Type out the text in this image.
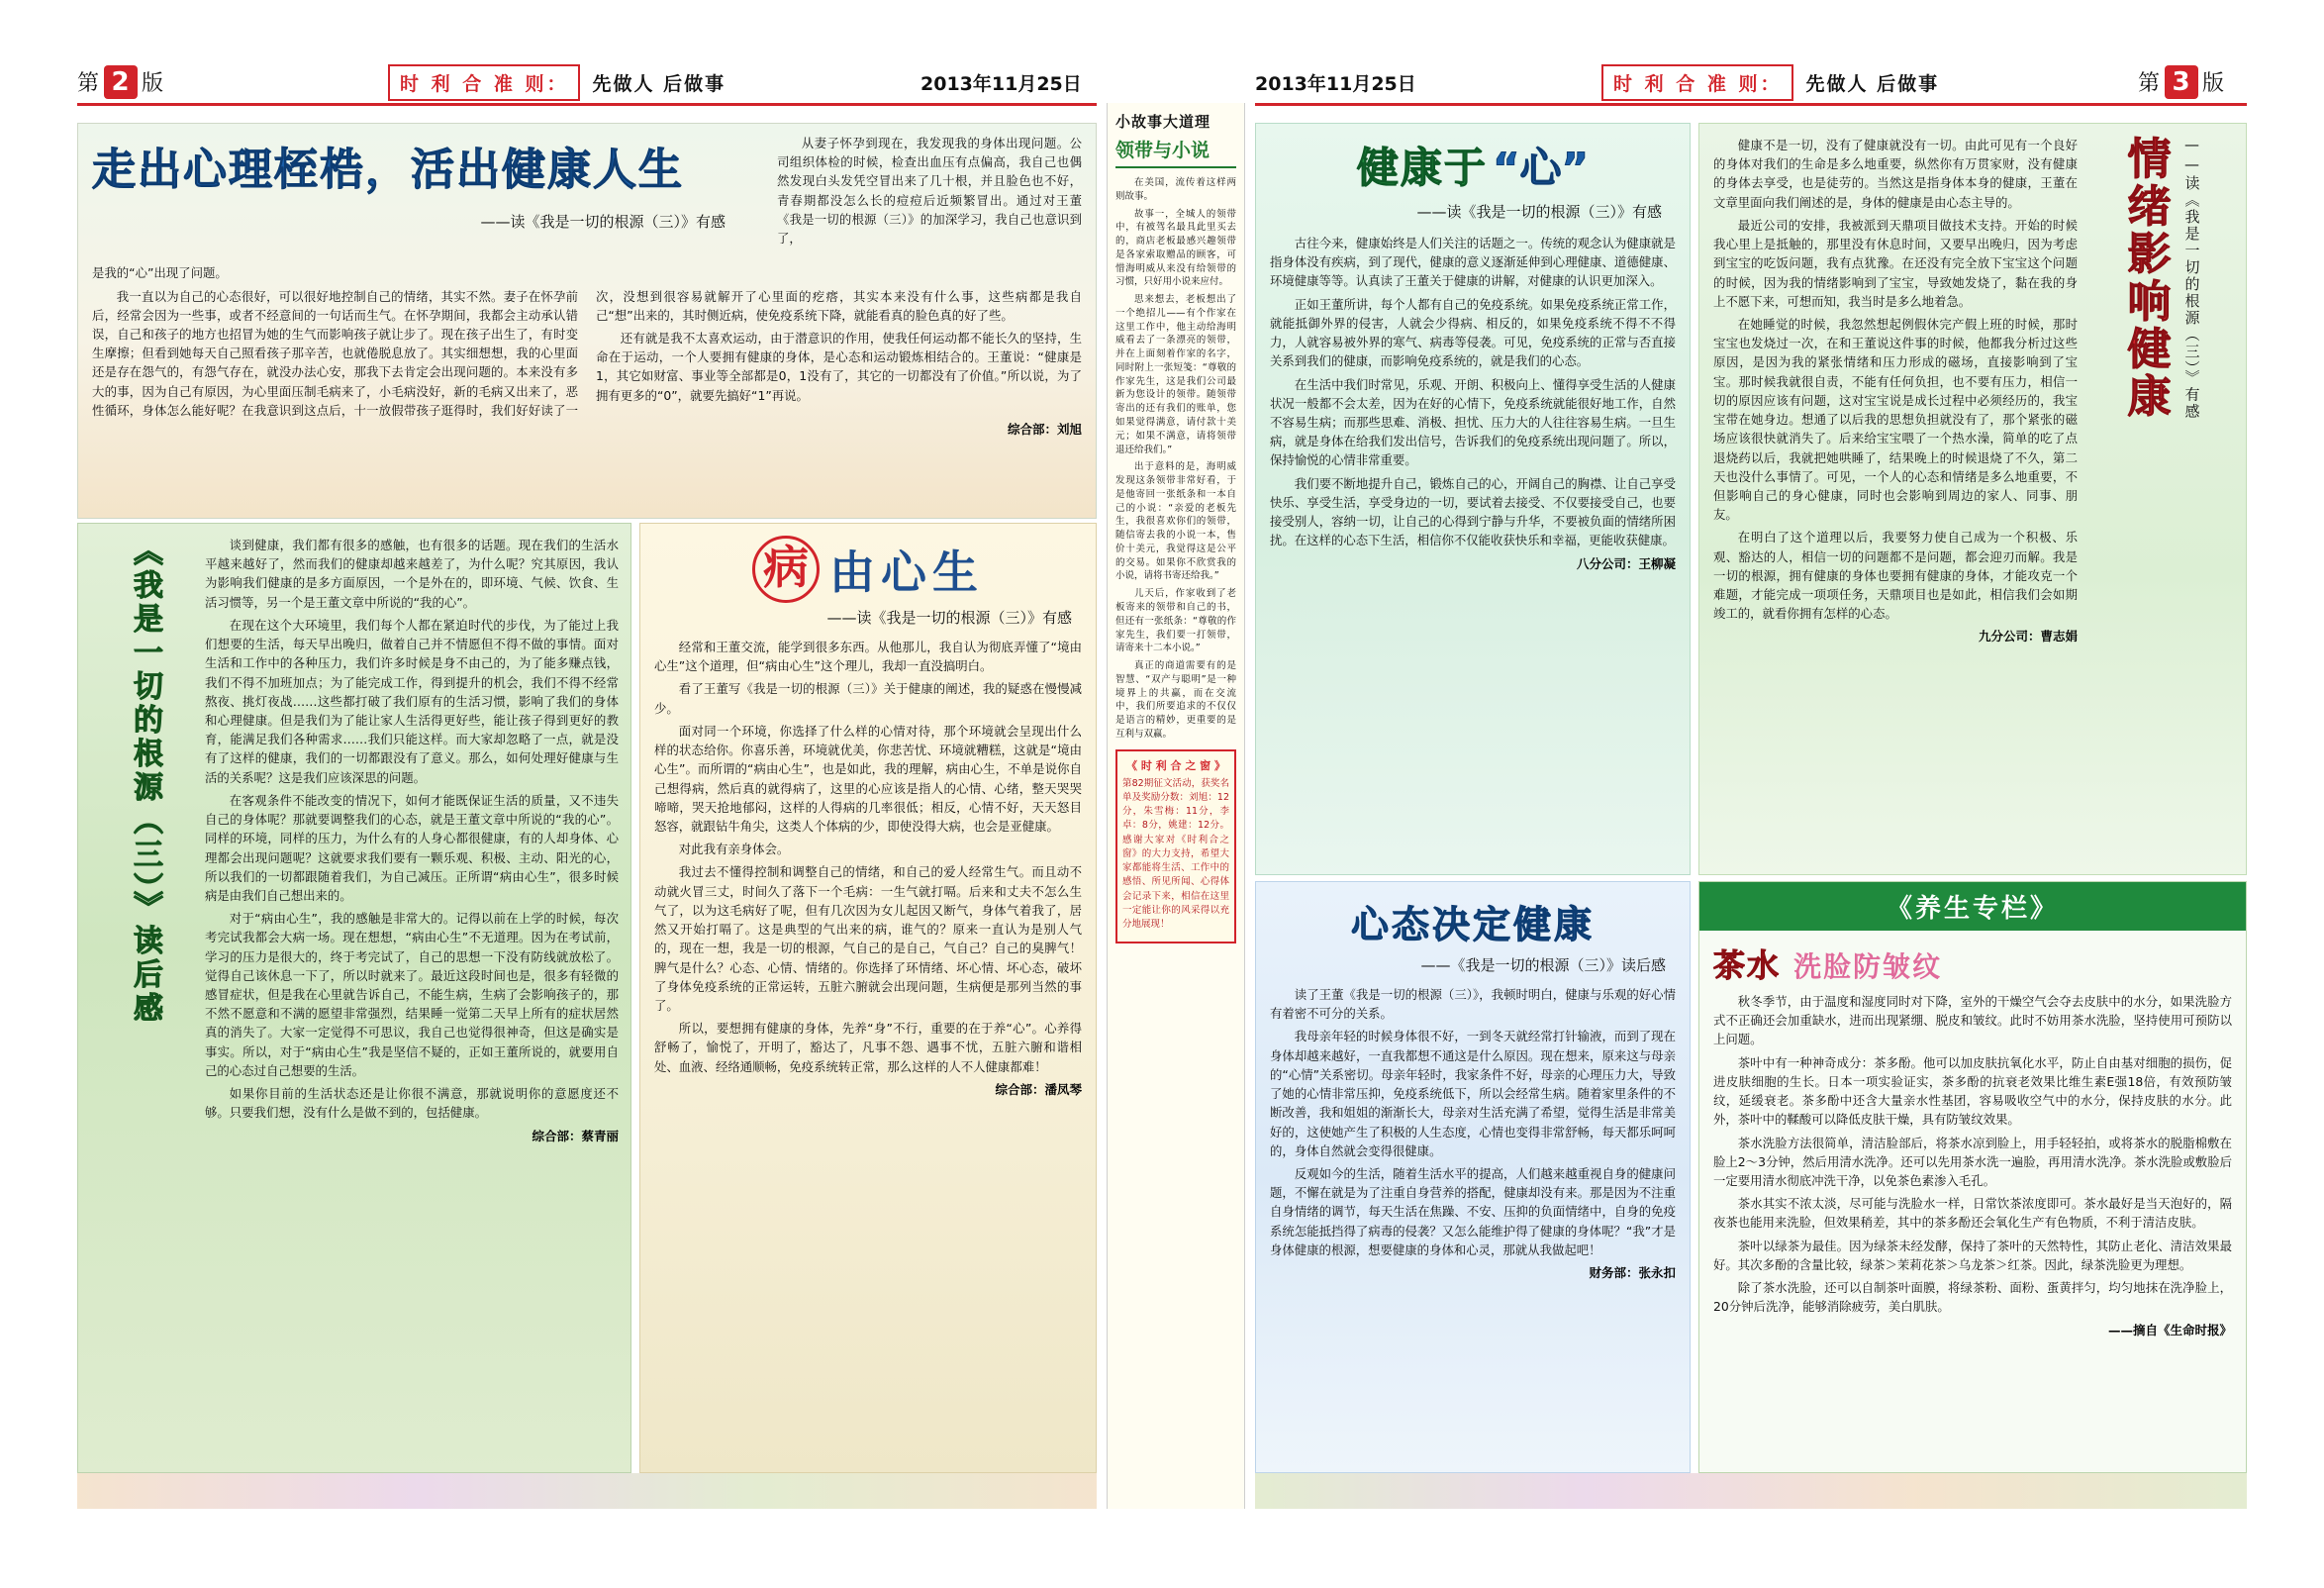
第 2 版	时 利 合 准 则：	先做人 后做事	2013年11月25日	2013年11月25日	时 利 合 准 则：	先做人 后做事	第 3 版
走出心理桎梏，活出健康人生
——读《我是一切的根源（三）》有感

从妻子怀孕到现在，我发现我的身体出现问题。公司组织体检的时候，检查出血压有点偏高，我自己也偶然发现白头发凭空冒出来了几十根，并且脸色也不好，青春期都没怎么长的痘痘后近频繁冒出。通过对王董《我是一切的根源（三）》的加深学习，我自己也意识到了，

是我的“心”出现了问题。

我一直以为自己的心态很好，可以很好地控制自己的情绪，其实不然。妻子在怀孕前后，经常会因为一些事，或者不经意间的一句话而生气。在怀孕期间，我都会主动承认错误，自己和孩子的地方也招冒为她的生气而影响孩子就让步了。现在孩子出生了，有时变生摩擦；但看到她每天自己照看孩子那辛苦，也就倦脱息放了。其实细想想，我的心里面还是存在怨气的，有怨气存在，就没办法心安，那我下去肯定会出现问题的。本来没有多大的事，因为自己有原因，为心里面压制毛病来了，小毛病没好，新的毛病又出来了，恶性循环，身体怎么能好呢？在我意识到这点后，十一放假带孩子逛得时，我们好好读了一次，没想到很容易就解开了心里面的疙瘩，其实本来没有什么事，这些病都是我自己“想”出来的，其时侧近病，使免疫系统下降，就能看真的脸色真的好了些。

还有就是我不太喜欢运动，由于潜意识的作用，使我任何运动都不能长久的坚持，生命在于运动，一个人要拥有健康的身体，是心态和运动锻炼相结合的。王董说：“健康是1，其它如财富、事业等全部都是0，1没有了，其它的一切都没有了价值。”所以说，为了拥有更多的“0”，就要先搞好“1”再说。

综合部：刘旭
《我是一切的根源（三）》读后感	谈到健康，我们都有很多的感触，也有很多的话题。现在我们的生活水平越来越好了，然而我们的健康却越来越差了，为什么呢？究其原因，我认为影响我们健康的是多方面原因，一个是外在的，即环境、气候、饮食、生活习惯等，另一个是王董文章中所说的“我的心”。

在现在这个大环境里，我们每个人都在紧迫时代的步伐，为了能过上我们想要的生活，每天早出晚归，做着自己并不情愿但不得不做的事情。面对生活和工作中的各种压力，我们许多时候是身不由己的，为了能多赚点钱，我们不得不加班加点；为了能完成工作，得到提升的机会，我们不得不经常熬夜、挑灯夜战……这些都打破了我们原有的生活习惯，影响了我们的身体和心理健康。但是我们为了能让家人生活得更好些，能让孩子得到更好的教育，能满足我们各种需求……我们只能这样。而大家却忽略了一点，就是没有了这样的健康，我们的一切都跟没有了意义。那么，如何处理好健康与生活的关系呢？这是我们应该深思的问题。

在客观条件不能改变的情况下，如何才能既保证生活的质量，又不违失自己的身体呢？那就要调整我们的心态，就是王董文章中所说的“我的心”。同样的环境，同样的压力，为什么有的人身心都很健康，有的人却身体、心理都会出现问题呢？这就要求我们要有一颗乐观、积极、主动、阳光的心，所以我们的一切都跟随着我们，为自己减压。正所谓“病由心生”，很多时候病是由我们自己想出来的。

对于“病由心生”，我的感触是非常大的。记得以前在上学的时候，每次考完试我都会大病一场。现在想想，“病由心生”不无道理。因为在考试前，学习的压力是很大的，终于考完试了，自己的思想一下没有防线就放松了。觉得自己该休息一下了，所以时就来了。最近这段时间也是，很多有轻微的感冒症状，但是我在心里就告诉自己，不能生病，生病了会影响孩子的，那不然不愿意和不满的愿望非常强烈，结果睡一觉第二天早上所有的症状居然真的消失了。大家一定觉得不可思议，我自己也觉得很神奇，但这是确实是事实。所以，对于“病由心生”我是坚信不疑的，正如王董所说的，就要用自己的心态过自己想要的生活。

如果你目前的生活状态还是让你很不满意，那就说明你的意愿度还不够。只要我们想，没有什么是做不到的，包括健康。

综合部：蔡青丽
病 由心生
——读《我是一切的根源（三）》有感

经常和王董交流，能学到很多东西。从他那儿，我自认为彻底弄懂了“境由心生”这个道理，但“病由心生”这个理儿，我却一直没搞明白。

看了王董写《我是一切的根源（三）》关于健康的阐述，我的疑惑在慢慢减少。

面对同一个环境，你选择了什么样的心情对待，那个环境就会呈现出什么样的状态给你。你喜乐善，环境就优美，你悲苦忧、环境就糟糕，这就是“境由心生”。而所谓的“病由心生”，也是如此，我的理解，病由心生，不单是说你自己想得病，然后真的就得病了，这里的心应该是指人的心情、心绪，整天哭哭啼啼，哭天抢地郁闷，这样的人得病的几率很低；相反，心情不好，天天怒目怒容，就跟钻牛角尖，这类人个体病的少，即使没得大病，也会是亚健康。

对此我有亲身体会。

我过去不懂得控制和调整自己的情绪，和自己的爱人经常生气。而且动不动就火冒三丈，时间久了落下一个毛病：一生气就打嗝。后来和丈夫不怎么生气了，以为这毛病好了呢，但有几次因为女儿起因又断气，身体气着我了，居然又开始打嗝了。这是典型的气出来的病，谁气的？原来一直认为是别人气的，现在一想，我是一切的根源，气自己的是自己，气自己？自己的臭脾气！脾气是什么？心态、心情、情绪的。你选择了环情绪、坏心情、坏心态，破坏了身体免疫系统的正常运转，五脏六腑就会出现问题，生病便是那列当然的事了。

所以，要想拥有健康的身体，先养“身”不行，重要的在于养“心”。心养得舒畅了，愉悦了，开明了，豁达了，凡事不怨、遇事不忧，五脏六腑和谐相处、血液、经络通顺畅，免疫系统转正常，那么这样的人不人健康都难！

综合部：潘凤琴
小故事大道理
领带与小说

在美国，流传着这样两则故事。

故事一，全城人的领带中，有被驾名最具此里买去的，商店老板最感兴趣领带是各家索取赠品的顾客，可惜海明威从来没有给领带的习惯，只好用小说来应付。

思来想去，老板想出了一个绝招儿——有个作家在这里工作中，他主动给海明威看去了一条漂亮的领带，并在上面刻着作家的名字，同时附上一张短笺：“尊敬的作家先生，这是我们公司最新为您设计的领带。随领带寄出的还有我们的账单，您如果觉得满意，请付款十美元；如果不满意，请将领带退还给我们。”

出于意料的是，海明威发现这条领带非常好看，于是他寄回一张纸条和一本自己的小说：“亲爱的老板先生，我很喜欢你们的领带，随信寄去我的小说一本，售价十美元，我觉得这是公平的交易。如果你不欣赏我的小说，请将书寄还给我。”

儿天后，作家收到了老板寄来的领带和自己的书，但还有一张纸条：“尊敬的作家先生，我们要一打领带，请寄来十二本小说。”

真正的商道需要有的是智慧、“双产与聪明”是一种境界上的共赢，而在交流中，我们所要追求的不仅仅是语言的精妙，更重要的是互利与双赢。

《 时 利 合 之 窗 》

第82期征文活动，获奖名单及奖励分数：刘旭：12分，朱雪梅：11分，李卓：8分，姚建：12分。感谢大家对《时利合之窗》的大力支持，希望大家都能将生活、工作中的感悟、所见所闻、心得体会记录下来，相信在这里一定能让你的风采得以充分地展现！

健康于 “心”
——读《我是一切的根源（三）》有感

古往今来，健康始终是人们关注的话题之一。传统的观念认为健康就是指身体没有疾病，到了现代，健康的意义逐渐延伸到心理健康、道德健康、环境健康等等。认真读了王董关于健康的讲解，对健康的认识更加深入。

正如王董所讲，每个人都有自己的免疫系统。如果免疫系统正常工作，就能抵御外界的侵害，人就会少得病、相反的，如果免疫系统不得不不得力，人就容易被外界的寒气、病毒等侵袭。可见，免疫系统的正常与否直接关系到我们的健康，而影响免疫系统的，就是我们的心态。

在生活中我们时常见，乐观、开朗、积极向上、懂得享受生活的人健康状况一般都不会太差，因为在好的心情下，免疫系统就能很好地工作，自然不容易生病；而那些思难、消极、担忧、压力大的人往往容易生病。一旦生病，就是身体在给我们发出信号，告诉我们的免疫系统出现问题了。所以，保持愉悦的心情非常重要。

我们要不断地提升自己，锻炼自己的心，开阔自己的胸襟、让自己享受快乐、享受生活，享受身边的一切，要试着去接受、不仅要接受自己，也要接受别人，容纳一切，让自己的心得到宁静与升华，不要被负面的情绪所困扰。在这样的心态下生活，相信你不仅能收获快乐和幸福，更能收获健康。

八分公司：王柳凝
情绪影响健康 ——读《我是一切的根源（三）》有感

健康不是一切，没有了健康就没有一切。由此可见有一个良好的身体对我们的生命是多么地重要，纵然你有万贯家财，没有健康的身体去享受，也是徒劳的。当然这是指身体本身的健康，王董在文章里面向我们阐述的是，身体的健康是由心态主导的。

最近公司的安排，我被派到天鼎项目做技术支持。开始的时候我心里上是抵触的，那里没有休息时间，又要早出晚归，因为考虑到宝宝的吃饭问题，我有点犹豫。在还没有完全放下宝宝这个问题的时候，因为我的情绪影响到了宝宝，导致她发烧了，黏在我的身上不愿下来，可想而知，我当时是多么地着急。

在她睡觉的时候，我忽然想起例假休完产假上班的时候，那时宝宝也发烧过一次，在和王董说这件事的时候，他都我分析过这些原因，是因为我的紧张情绪和压力形成的磁场，直接影响到了宝宝。那时候我就很自责，不能有任何负担，也不要有压力，相信一切的原因应该有问题，这对宝宝说是成长过程中必须经历的，我宝宝带在她身边。想通了以后我的思想负担就没有了，那个紧张的磁场应该很快就消失了。后来给宝宝喂了一个热水澡，简单的吃了点退烧药以后，我就把她哄睡了，结果晚上的时候退烧了不久，第二天也没什么事情了。可见，一个人的心态和情绪是多么地重要，不但影响自己的身心健康，同时也会影响到周边的家人、同事、朋友。

在明白了这个道理以后，我要努力使自己成为一个积极、乐观、豁达的人，相信一切的问题都不是问题，都会迎刃而解。我是一切的根源，拥有健康的身体也要拥有健康的身体，才能攻克一个难题，才能完成一项项任务，天鼎项目也是如此，相信我们会如期竣工的，就看你拥有怎样的心态。

九分公司：曹志娟
心态决定健康
——《我是一切的根源（三）》读后感

读了王董《我是一切的根源（三）》，我顿时明白，健康与乐观的好心情有着密不可分的关系。

我母亲年轻的时候身体很不好，一到冬天就经常打针输液，而到了现在身体却越来越好，一直我都想不通这是什么原因。现在想来，原来这与母亲的“心情”关系密切。母亲年轻时，我家条件不好，母亲的心理压力大，导致了她的心情非常压抑，免疫系统低下，所以会经常生病。随着家里条件的不断改善，我和姐姐的渐渐长大，母亲对生活充满了希望，觉得生活是非常美好的，这使她产生了积极的人生态度，心情也变得非常舒畅，每天都乐呵呵的，身体自然就会变得很健康。

反观如今的生活，随着生活水平的提高，人们越来越重视自身的健康问题，不懈在就是为了注重自身营养的搭配，健康却没有来。那是因为不注重自身情绪的调节，每天生活在焦躁、不安、压抑的负面情绪中，自身的免疫系统怎能抵挡得了病毒的侵袭？又怎么能维护得了健康的身体呢？“我”才是身体健康的根源，想要健康的身体和心灵，那就从我做起吧！

财务部：张永扣
《养生专栏》
茶水 洗脸防皱纹

秋冬季节，由于温度和湿度同时对下降，室外的干燥空气会夺去皮肤中的水分，如果洗脸方式不正确还会加重缺水，进而出现紧绷、脱皮和皱纹。此时不妨用茶水洗脸，坚持使用可预防以上问题。

茶叶中有一种神奇成分：茶多酚。他可以加皮肤抗氧化水平，防止自由基对细胞的损伤，促进皮肤细胞的生长。日本一项实验证实，茶多酚的抗衰老效果比维生素E强18倍，有效预防皱纹，延缓衰老。茶多酚中还含大量亲水性基团，容易吸收空气中的水分，保持皮肤的水分。此外，茶叶中的鞣酸可以降低皮肤干燥，具有防皱纹效果。

茶水洗脸方法很简单，清洁脸部后，将茶水凉到脸上，用手轻轻拍，或将茶水的脱脂棉敷在脸上2～3分钟，然后用清水洗净。还可以先用茶水洗一遍脸，再用清水洗净。茶水洗脸或敷脸后一定要用清水彻底冲洗干净，以免茶色素渗入毛孔。

茶水其实不浓太淡，尽可能与洗脸水一样，日常饮茶浓度即可。茶水最好是当天泡好的，隔夜茶也能用来洗脸，但效果稍差，其中的茶多酚还会氧化生产有色物质，不利于清洁皮肤。

茶叶以绿茶为最佳。因为绿茶未经发酵，保持了茶叶的天然特性，其防止老化、清洁效果最好。其次多酚的含量比较，绿茶＞茉莉花茶＞乌龙茶＞红茶。因此，绿茶洗脸更为理想。

除了茶水洗脸，还可以自制茶叶面膜，将绿茶粉、面粉、蛋黄拌匀，均匀地抹在洗净脸上，20分钟后洗净，能够消除疲劳，美白肌肤。

——摘自《生命时报》
